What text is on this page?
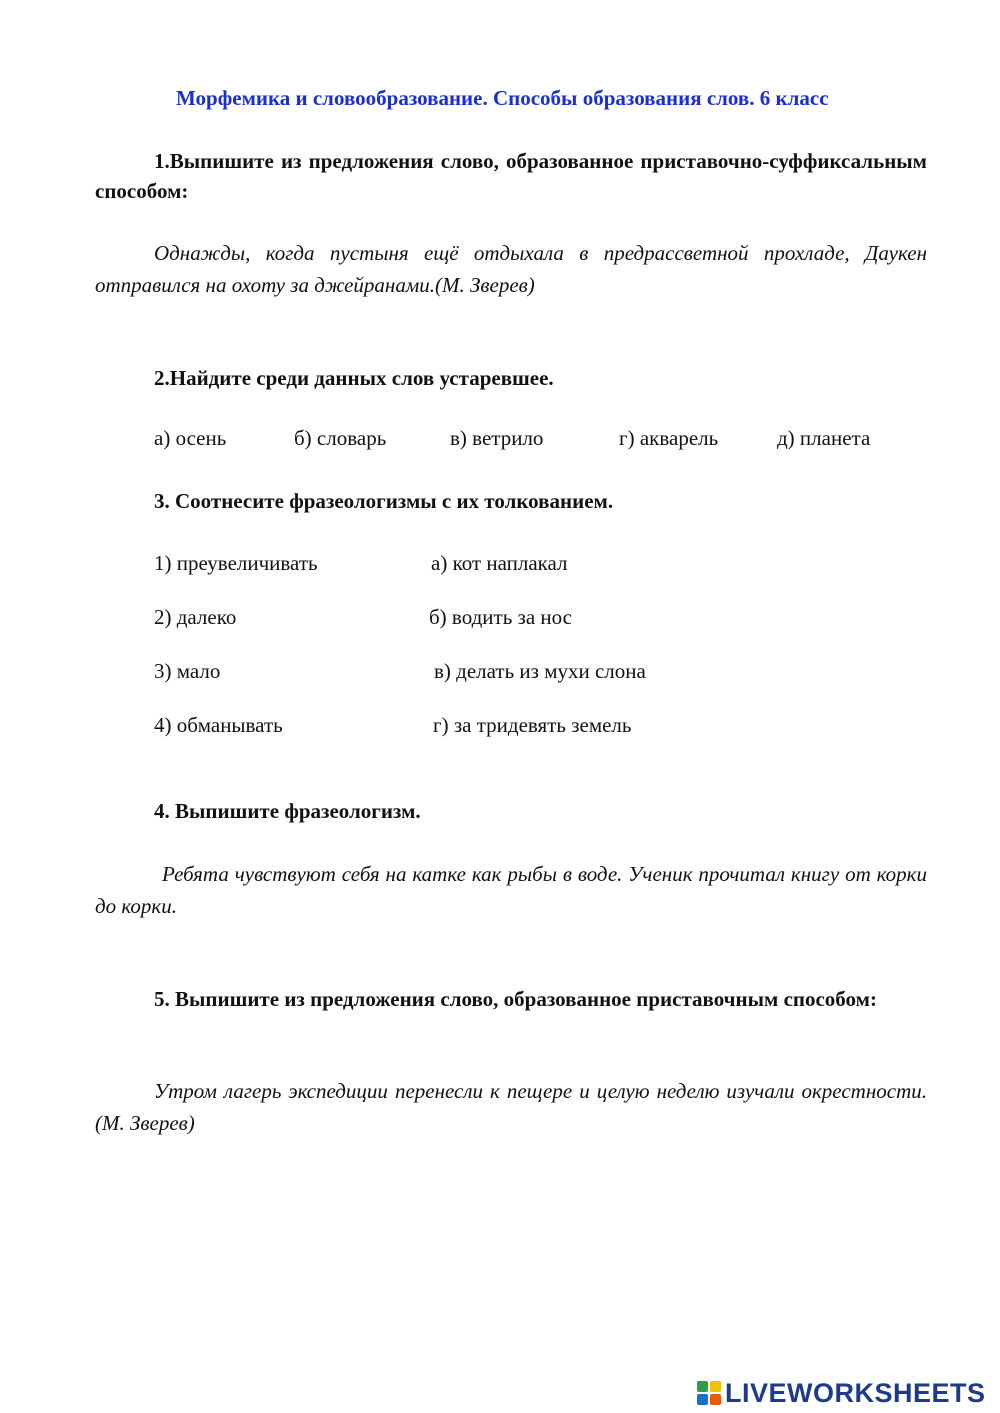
Морфемика и словообразование. Способы образования слов. 6 класс
1.Выпишите из предложения слово, образованное приставочно-суффиксальным способом:
Однажды, когда пустыня ещё отдыхала в предрассветной прохладе, Даукен отправился на охоту за джейранами.(М. Зверев)
2.Найдите среди данных слов устаревшее.
а) осень	б) словарь	в) ветрило	г) акварель	д) планета
3. Соотнесите фразеологизмы с их толкованием.
1) преувеличивать	а) кот наплакал
2) далеко	б) водить за нос
3) мало	в) делать из мухи слона
4) обманывать	г) за тридевять земель
4. Выпишите фразеологизм.
Ребята чувствуют себя на катке как рыбы в воде. Ученик прочитал книгу от корки до корки.
5. Выпишите из предложения слово, образованное приставочным способом:
Утром лагерь экспедиции перенесли к пещере и целую неделю изучали окрестности. (М. Зверев)
LIVEWORKSHEETS
